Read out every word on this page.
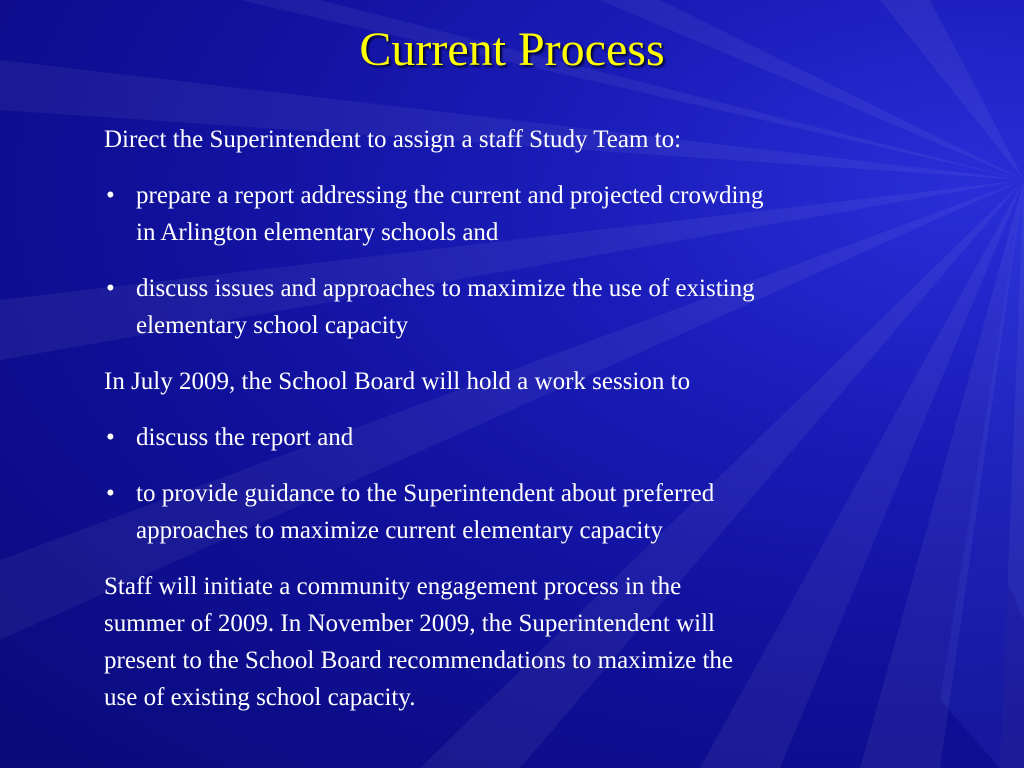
Current Process

Direct the Superintendent to assign a staff Study Team to:

• prepare a report addressing the current and projected crowding
in Arlington elementary schools and
• discuss issues and approaches to maximize the use of existing
elementary school capacity

In July 2009, the School Board will hold a work session to

• discuss the report and
• to provide guidance to the Superintendent about preferred
approaches to maximize current elementary capacity

Staff will initiate a community engagement process in the
summer of 2009. In November 2009, the Superintendent will
present to the School Board recommendations to maximize the
use of existing school capacity.
